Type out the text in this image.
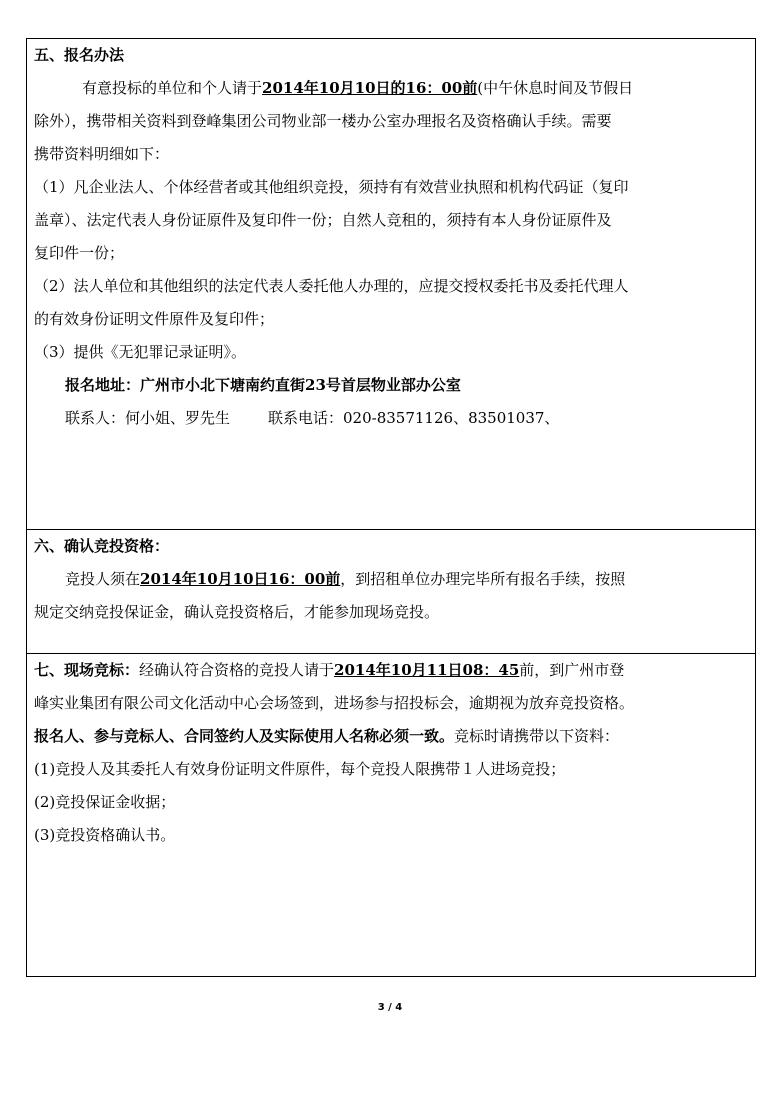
五、报名办法
有意投标的单位和个人请于2014年10月10日的16：00前(中午休息时间及节假日
除外），携带相关资料到登峰集团公司物业部一楼办公室办理报名及资格确认手续。需要
携带资料明细如下：
（1）凡企业法人、个体经营者或其他组织竞投，须持有有效营业执照和机构代码证（复印
盖章）、法定代表人身份证原件及复印件一份；自然人竞租的，须持有本人身份证原件及
复印件一份；
（2）法人单位和其他组织的法定代表人委托他人办理的，应提交授权委托书及委托代理人
的有效身份证明文件原件及复印件；
（3）提供《无犯罪记录证明》。
报名地址：广州市小北下塘南约直街23号首层物业部办公室
联系人：何小姐、罗先生	联系电话：020-83571126、83501037、

六、确认竞投资格：
竞投人须在2014年10月10日16：00前，到招租单位办理完毕所有报名手续，按照
规定交纳竞投保证金，确认竞投资格后，才能参加现场竞投。

七、现场竞标：经确认符合资格的竞投人请于2014年10月11日08：45前，到广州市登
峰实业集团有限公司文化活动中心会场签到，进场参与招投标会，逾期视为放弃竞投资格。
报名人、参与竞标人、合同签约人及实际使用人名称必须一致。竞标时请携带以下资料：
(1)竞投人及其委托人有效身份证明文件原件，每个竞投人限携带１人进场竞投；
(2)竞投保证金收据；
(3)竞投资格确认书。
3 / 4
